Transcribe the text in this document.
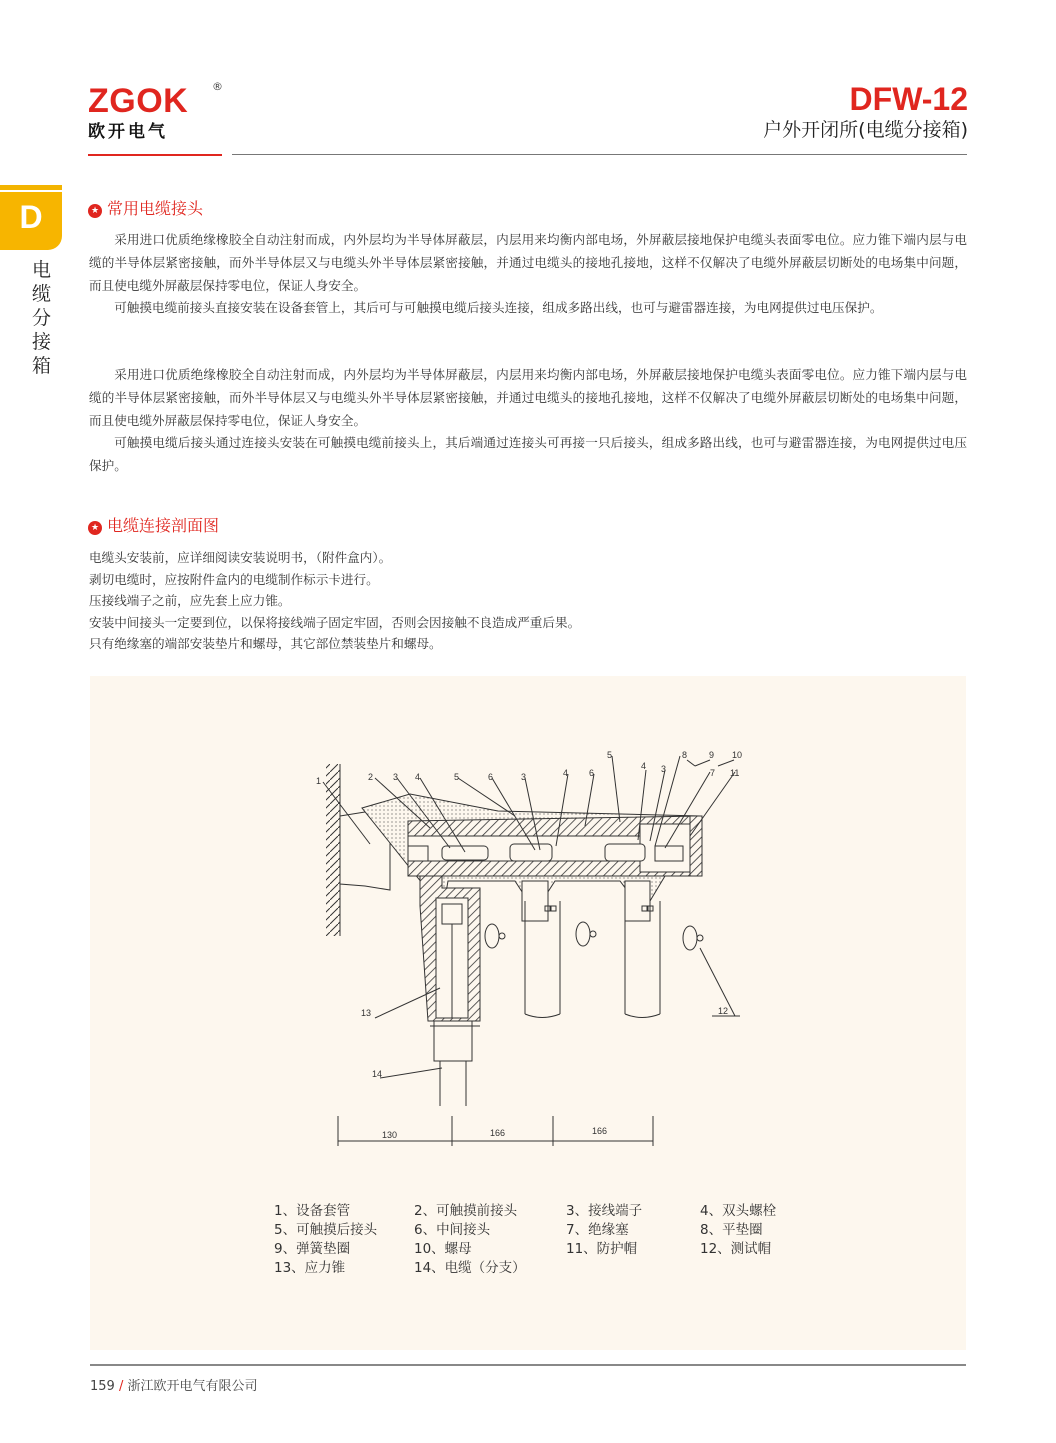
ZGOK ®
欧开电气
DFW-12
户外开闭所(电缆分接箱)
D
电
缆
分
接
箱
★ 常用电缆接头

采用进口优质绝缘橡胶全自动注射而成，内外层均为半导体屏蔽层，内层用来均衡内部电场，外屏蔽层接地保护电缆头表面零电位。应力锥下端内层与电缆的半导体层紧密接触，而外半导体层又与电缆头外半导体层紧密接触，并通过电缆头的接地孔接地，这样不仅解决了电缆外屏蔽层切断处的电场集中问题，而且使电缆外屏蔽层保持零电位，保证人身安全。

可触摸电缆前接头直接安装在设备套管上，其后可与可触摸电缆后接头连接，组成多路出线，也可与避雷器连接，为电网提供过电压保护。

采用进口优质绝缘橡胶全自动注射而成，内外层均为半导体屏蔽层，内层用来均衡内部电场，外屏蔽层接地保护电缆头表面零电位。应力锥下端内层与电缆的半导体层紧密接触，而外半导体层又与电缆头外半导体层紧密接触，并通过电缆头的接地孔接地，这样不仅解决了电缆外屏蔽层切断处的电场集中问题，而且使电缆外屏蔽层保持零电位，保证人身安全。

可触摸电缆后接头通过连接头安装在可触摸电缆前接头上，其后端通过连接头可再接一只后接头，组成多路出线，也可与避雷器连接，为电网提供过电压保护。

★ 电缆连接剖面图
电缆头安装前，应详细阅读安装说明书，（附件盒内）。
剥切电缆时，应按附件盒内的电缆制作标示卡进行。
压接线端子之前，应先套上应力锥。
安装中间接头一定要到位，以保将接线端子固定牢固，否则会因接触不良造成严重后果。
只有绝缘塞的端部安装垫片和螺母，其它部位禁装垫片和螺母。
1	2 3 4	5	6	3	4 6
5
4 3
8 9 10
7 11
13
14
12
130	166	166
1、设备套管	2、可触摸前接头	3、接线端子	4、双头螺栓
5、可触摸后接头	6、中间接头	7、绝缘塞	8、平垫圈
9、弹簧垫圈	10、螺母	11、防护帽	12、测试帽
13、应力锥	14、电缆（分支）
159 / 浙江欧开电气有限公司
